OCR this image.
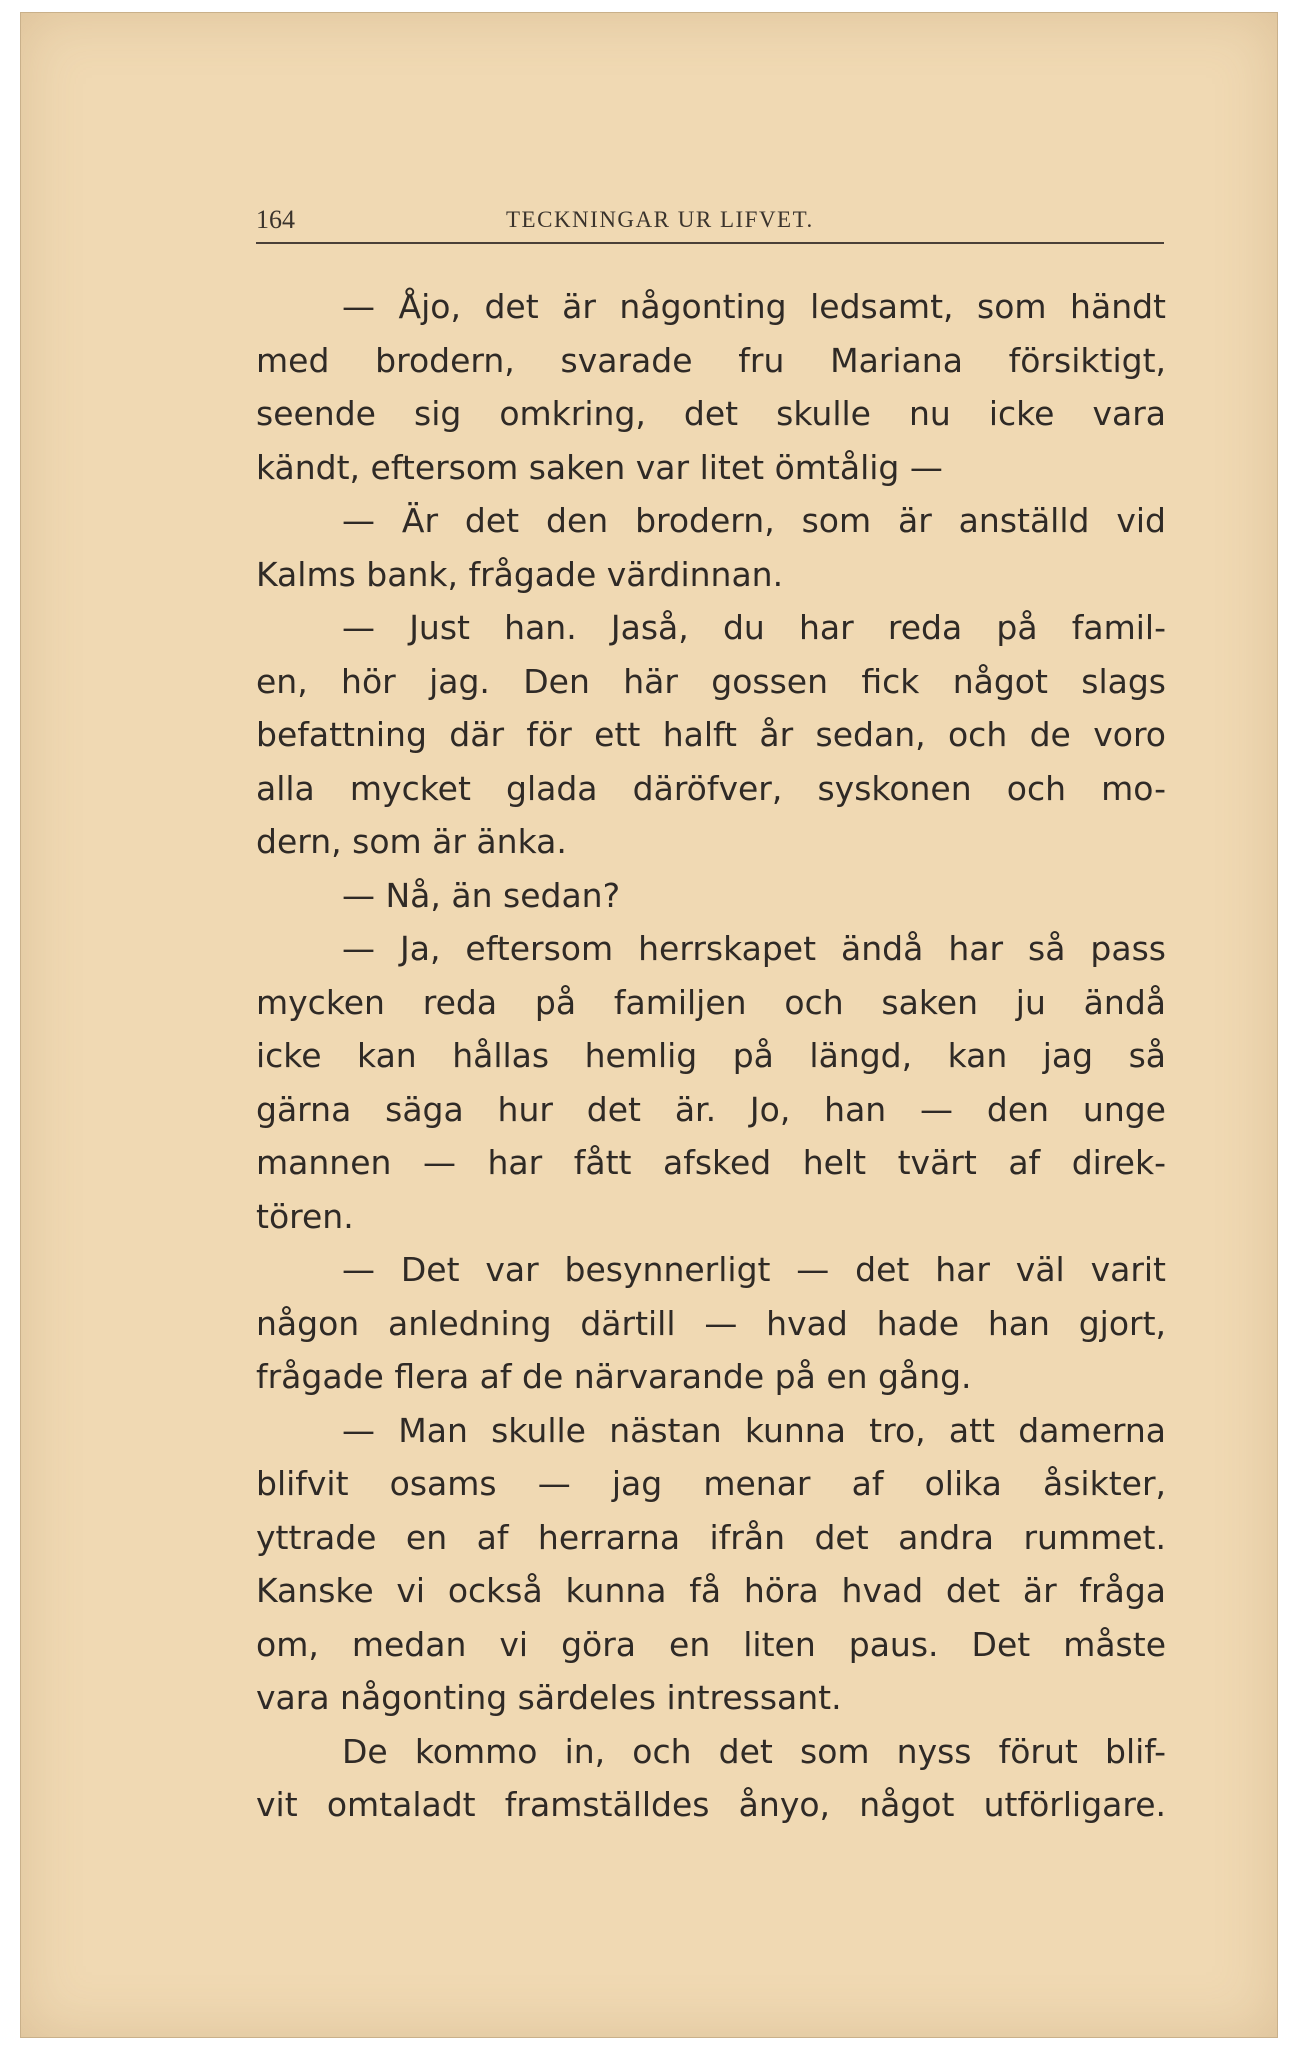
164	TECKNINGAR UR LIFVET.
— Åjo, det är någonting ledsamt, som händt
med brodern, svarade fru Mariana försiktigt,
seende sig omkring, det skulle nu icke vara
kändt, eftersom saken var litet ömtålig —
— Är det den brodern, som är anställd vid
Kalms bank, frågade värdinnan.
— Just han. Jaså, du har reda på famil-
en, hör jag. Den här gossen fick något slags
befattning där för ett halft år sedan, och de voro
alla mycket glada däröfver, syskonen och mo-
dern, som är änka.
— Nå, än sedan?
— Ja, eftersom herrskapet ändå har så pass
mycken reda på familjen och saken ju ändå
icke kan hållas hemlig på längd, kan jag så
gärna säga hur det är. Jo, han — den unge
mannen — har fått afsked helt tvärt af direk-
tören.
— Det var besynnerligt — det har väl varit
någon anledning därtill — hvad hade han gjort,
frågade flera af de närvarande på en gång.
— Man skulle nästan kunna tro, att damerna
blifvit osams — jag menar af olika åsikter,
yttrade en af herrarna ifrån det andra rummet.
Kanske vi också kunna få höra hvad det är fråga
om, medan vi göra en liten paus. Det måste
vara någonting särdeles intressant.
De kommo in, och det som nyss förut blif-
vit omtaladt framställdes ånyo, något utförligare.
